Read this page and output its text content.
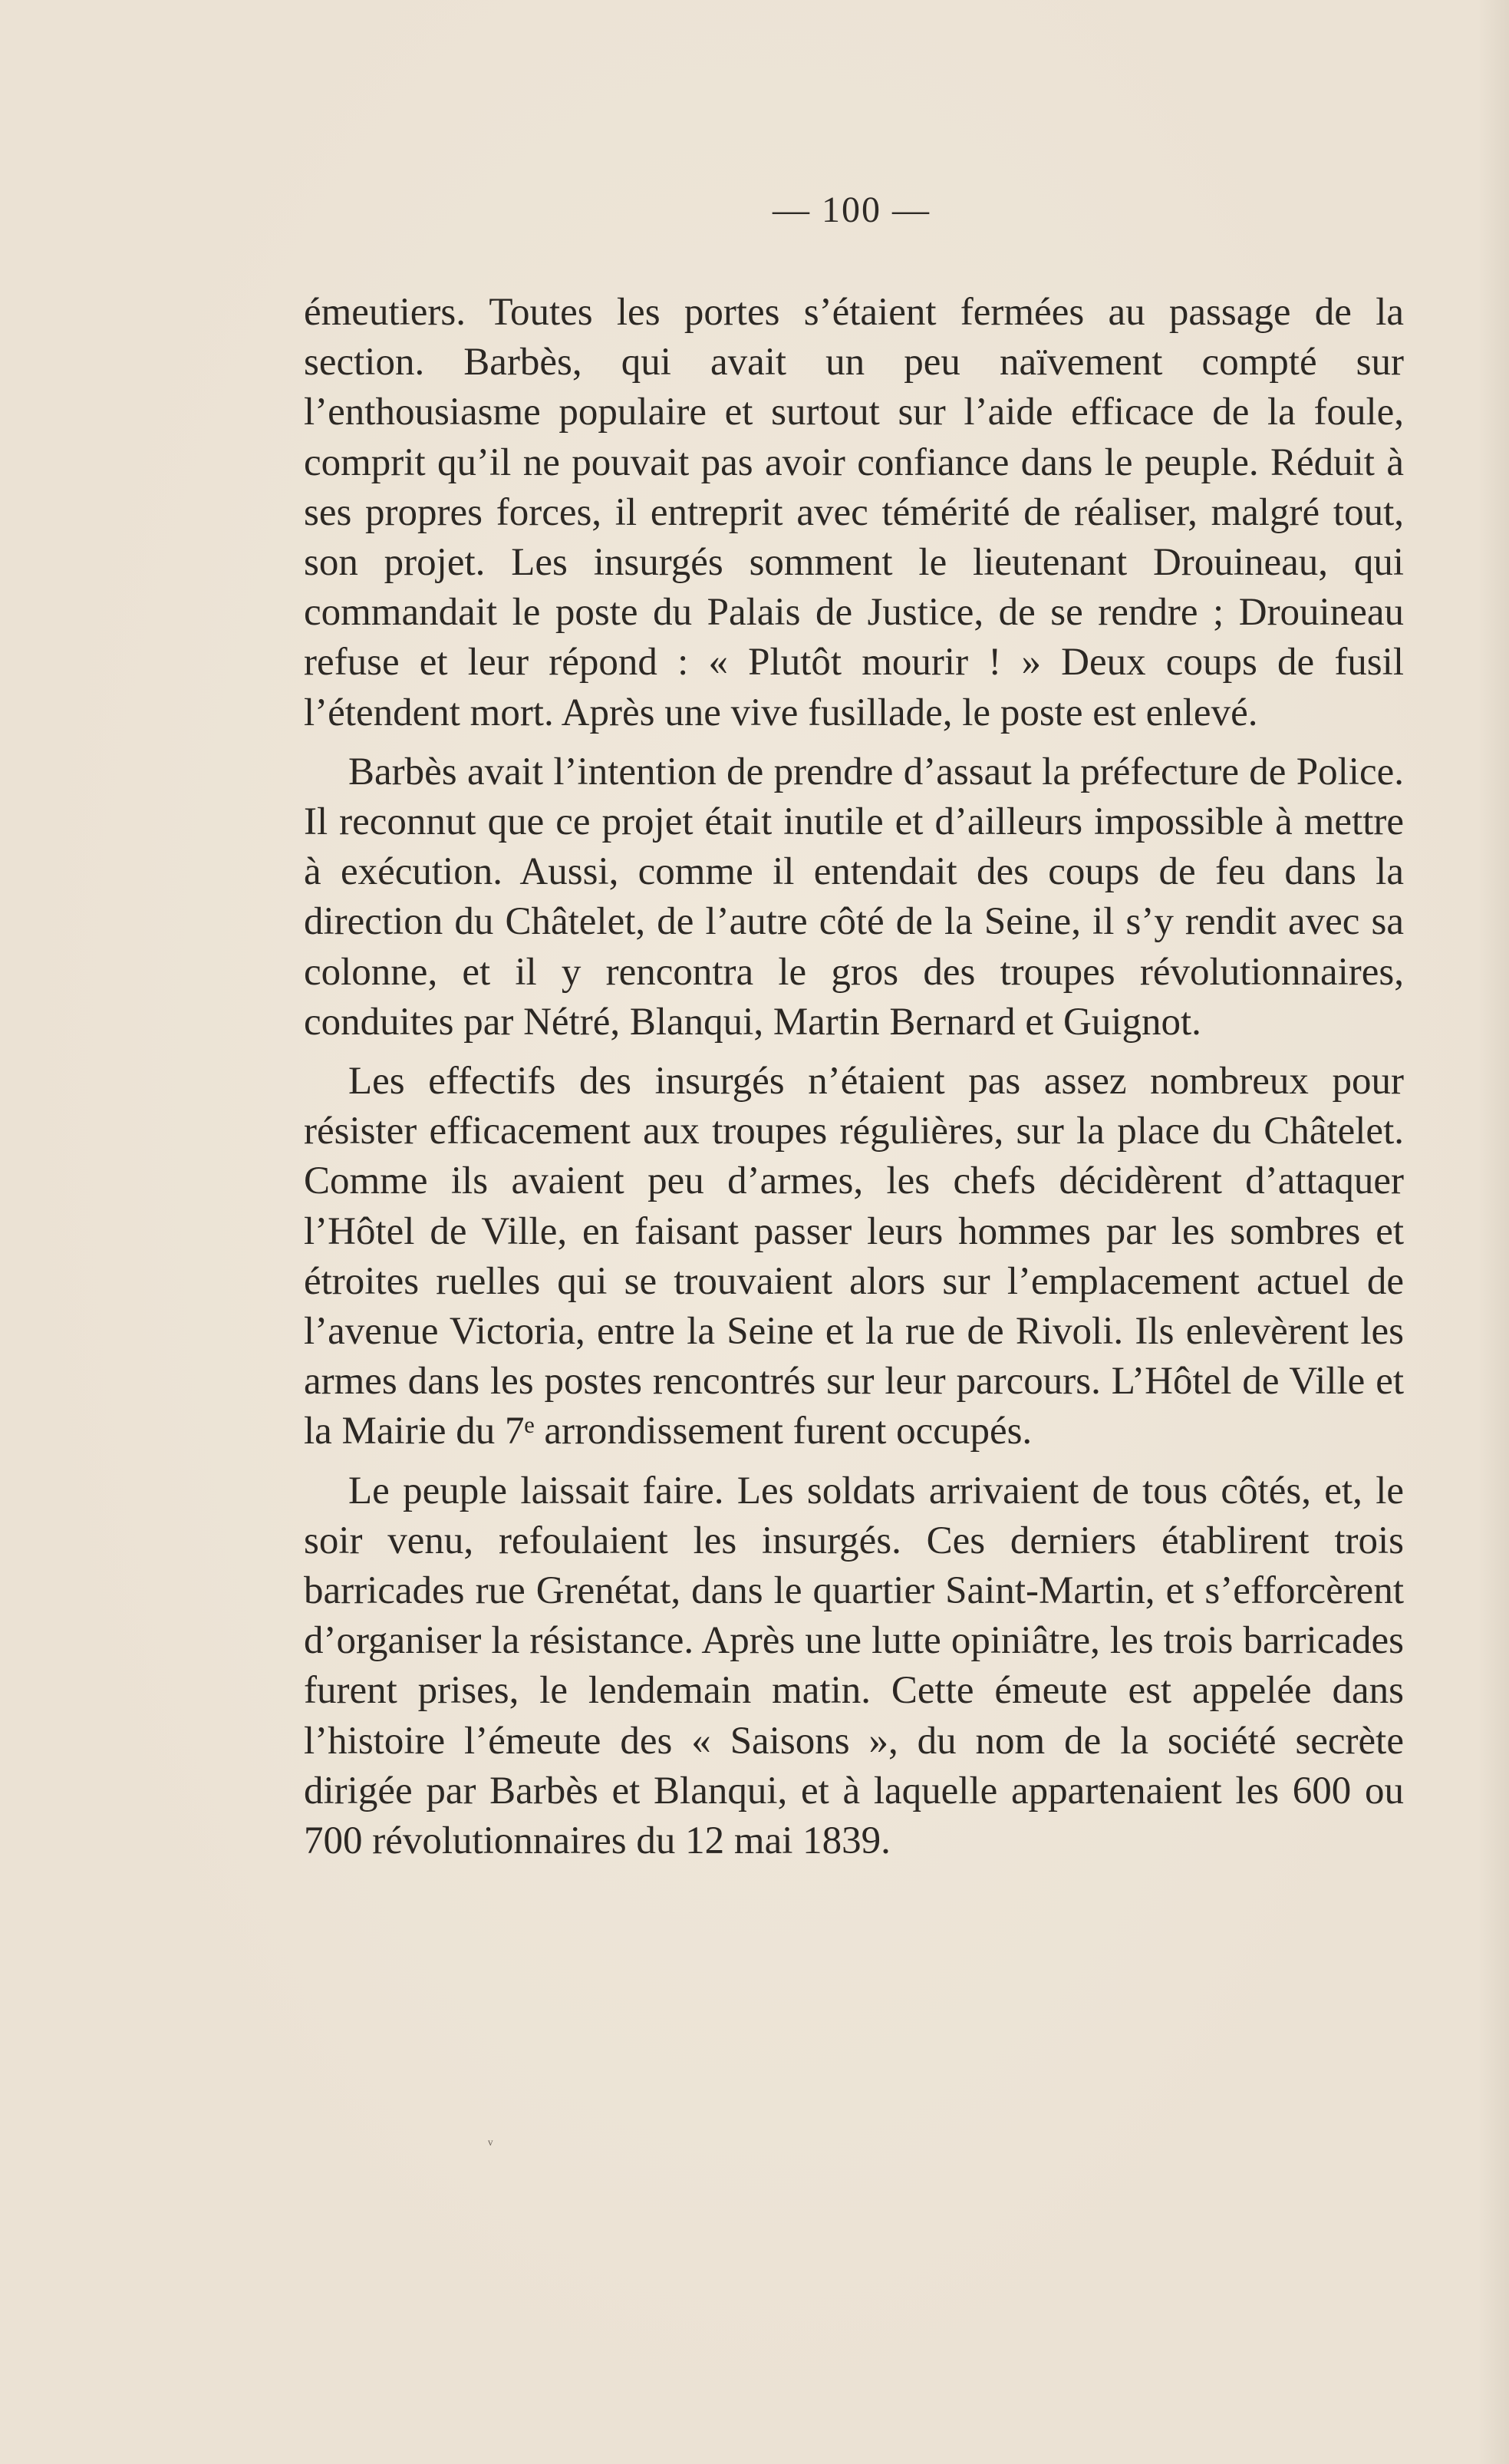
— 100 —

émeutiers. Toutes les portes s’étaient fermées au passage de la section. Barbès, qui avait un peu naïvement compté sur l’enthousiasme populaire et surtout sur l’aide efficace de la foule, comprit qu’il ne pouvait pas avoir confiance dans le peuple. Réduit à ses propres forces, il entreprit avec témérité de réaliser, malgré tout, son projet. Les insurgés somment le lieutenant Drouineau, qui commandait le poste du Palais de Justice, de se rendre ; Drouineau refuse et leur répond : « Plutôt mourir ! » Deux coups de fusil l’étendent mort. Après une vive fusillade, le poste est enlevé.

Barbès avait l’intention de prendre d’assaut la préfecture de Police. Il reconnut que ce projet était inutile et d’ailleurs impossible à mettre à exécution. Aussi, comme il entendait des coups de feu dans la direction du Châtelet, de l’autre côté de la Seine, il s’y rendit avec sa colonne, et il y rencontra le gros des troupes révolutionnaires, conduites par Nétré, Blanqui, Martin Bernard et Guignot.

Les effectifs des insurgés n’étaient pas assez nombreux pour résister efficacement aux troupes régulières, sur la place du Châtelet. Comme ils avaient peu d’armes, les chefs décidèrent d’attaquer l’Hôtel de Ville, en faisant passer leurs hommes par les sombres et étroites ruelles qui se trouvaient alors sur l’emplacement actuel de l’avenue Victoria, entre la Seine et la rue de Rivoli. Ils enlevèrent les armes dans les postes rencontrés sur leur parcours. L’Hôtel de Ville et la Mairie du 7ᵉ arrondissement furent occupés.

Le peuple laissait faire. Les soldats arrivaient de tous côtés, et, le soir venu, refoulaient les insurgés. Ces derniers établirent trois barricades rue Grenétat, dans le quartier Saint-Martin, et s’efforcèrent d’organiser la résistance. Après une lutte opiniâtre, les trois barricades furent prises, le lendemain matin. Cette émeute est appelée dans l’histoire l’émeute des « Saisons », du nom de la société secrète dirigée par Barbès et Blanqui, et à laquelle appartenaient les 600 ou 700 révolutionnaires du 12 mai 1839.

ᵛ
